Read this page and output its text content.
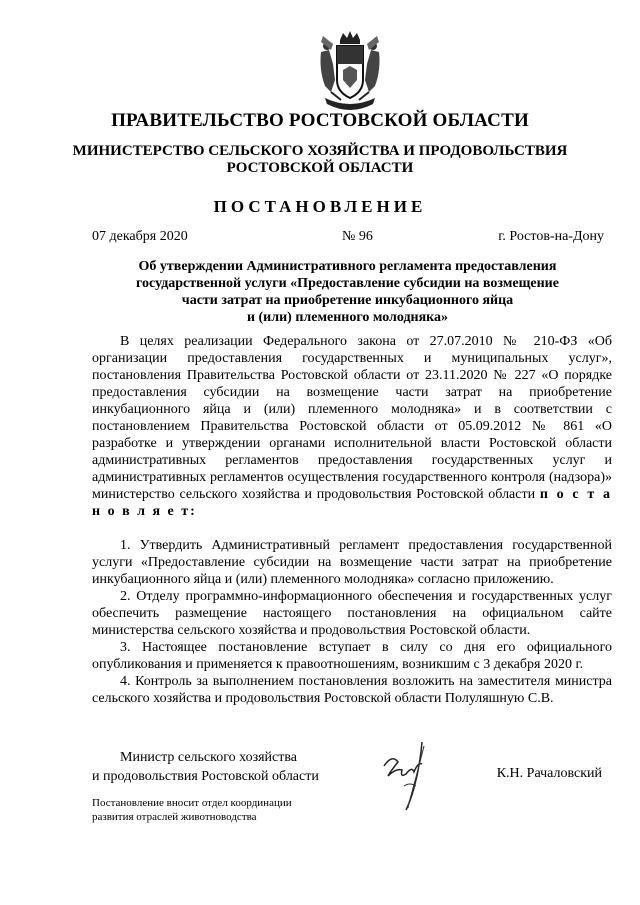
ПРАВИТЕЛЬСТВО РОСТОВСКОЙ ОБЛАСТИ
МИНИСТЕРСТВО СЕЛЬСКОГО ХОЗЯЙСТВА И ПРОДОВОЛЬСТВИЯ
РОСТОВСКОЙ ОБЛАСТИ
ПОСТАНОВЛЕНИЕ
07 декабря 2020	№ 96	г. Ростов-на-Дону
Об утверждении Административного регламента предоставления
государственной услуги «Предоставление субсидии на возмещение
части затрат на приобретение инкубационного яйца
и (или) племенного молодняка»

В целях реализации Федерального закона от 27.07.2010 № 210-ФЗ «Об организации предоставления государственных и муниципальных услуг», постановления Правительства Ростовской области от 23.11.2020 № 227 «О порядке предоставления субсидии на возмещение части затрат на приобретение инкубационного яйца и (или) племенного молодняка» и в соответствии с постановлением Правительства Ростовской области от 05.09.2012 № 861 «О разработке и утверждении органами исполнительной власти Ростовской области административных регламентов предоставления государственных услуг и административных регламентов осуществления государственного контроля (надзора)» министерство сельского хозяйства и продовольствия Ростовской области п о с т а н о в л я е т:

1. Утвердить Административный регламент предоставления государственной услуги «Предоставление субсидии на возмещение части затрат на приобретение инкубационного яйца и (или) племенного молодняка» согласно приложению.

2. Отделу программно-информационного обеспечения и государственных услуг обеспечить размещение настоящего постановления на официальном сайте министерства сельского хозяйства и продовольствия Ростовской области.

3. Настоящее постановление вступает в силу со дня его официального опубликования и применяется к правоотношениям, возникшим с 3 декабря 2020 г.

4. Контроль за выполнением постановления возложить на заместителя министра сельского хозяйства и продовольствия Ростовской области Полуляшную С.В.

Министр сельского хозяйства
и продовольствия Ростовской области	К.Н. Рачаловский
Постановление вносит отдел координации
развития отраслей животноводства
